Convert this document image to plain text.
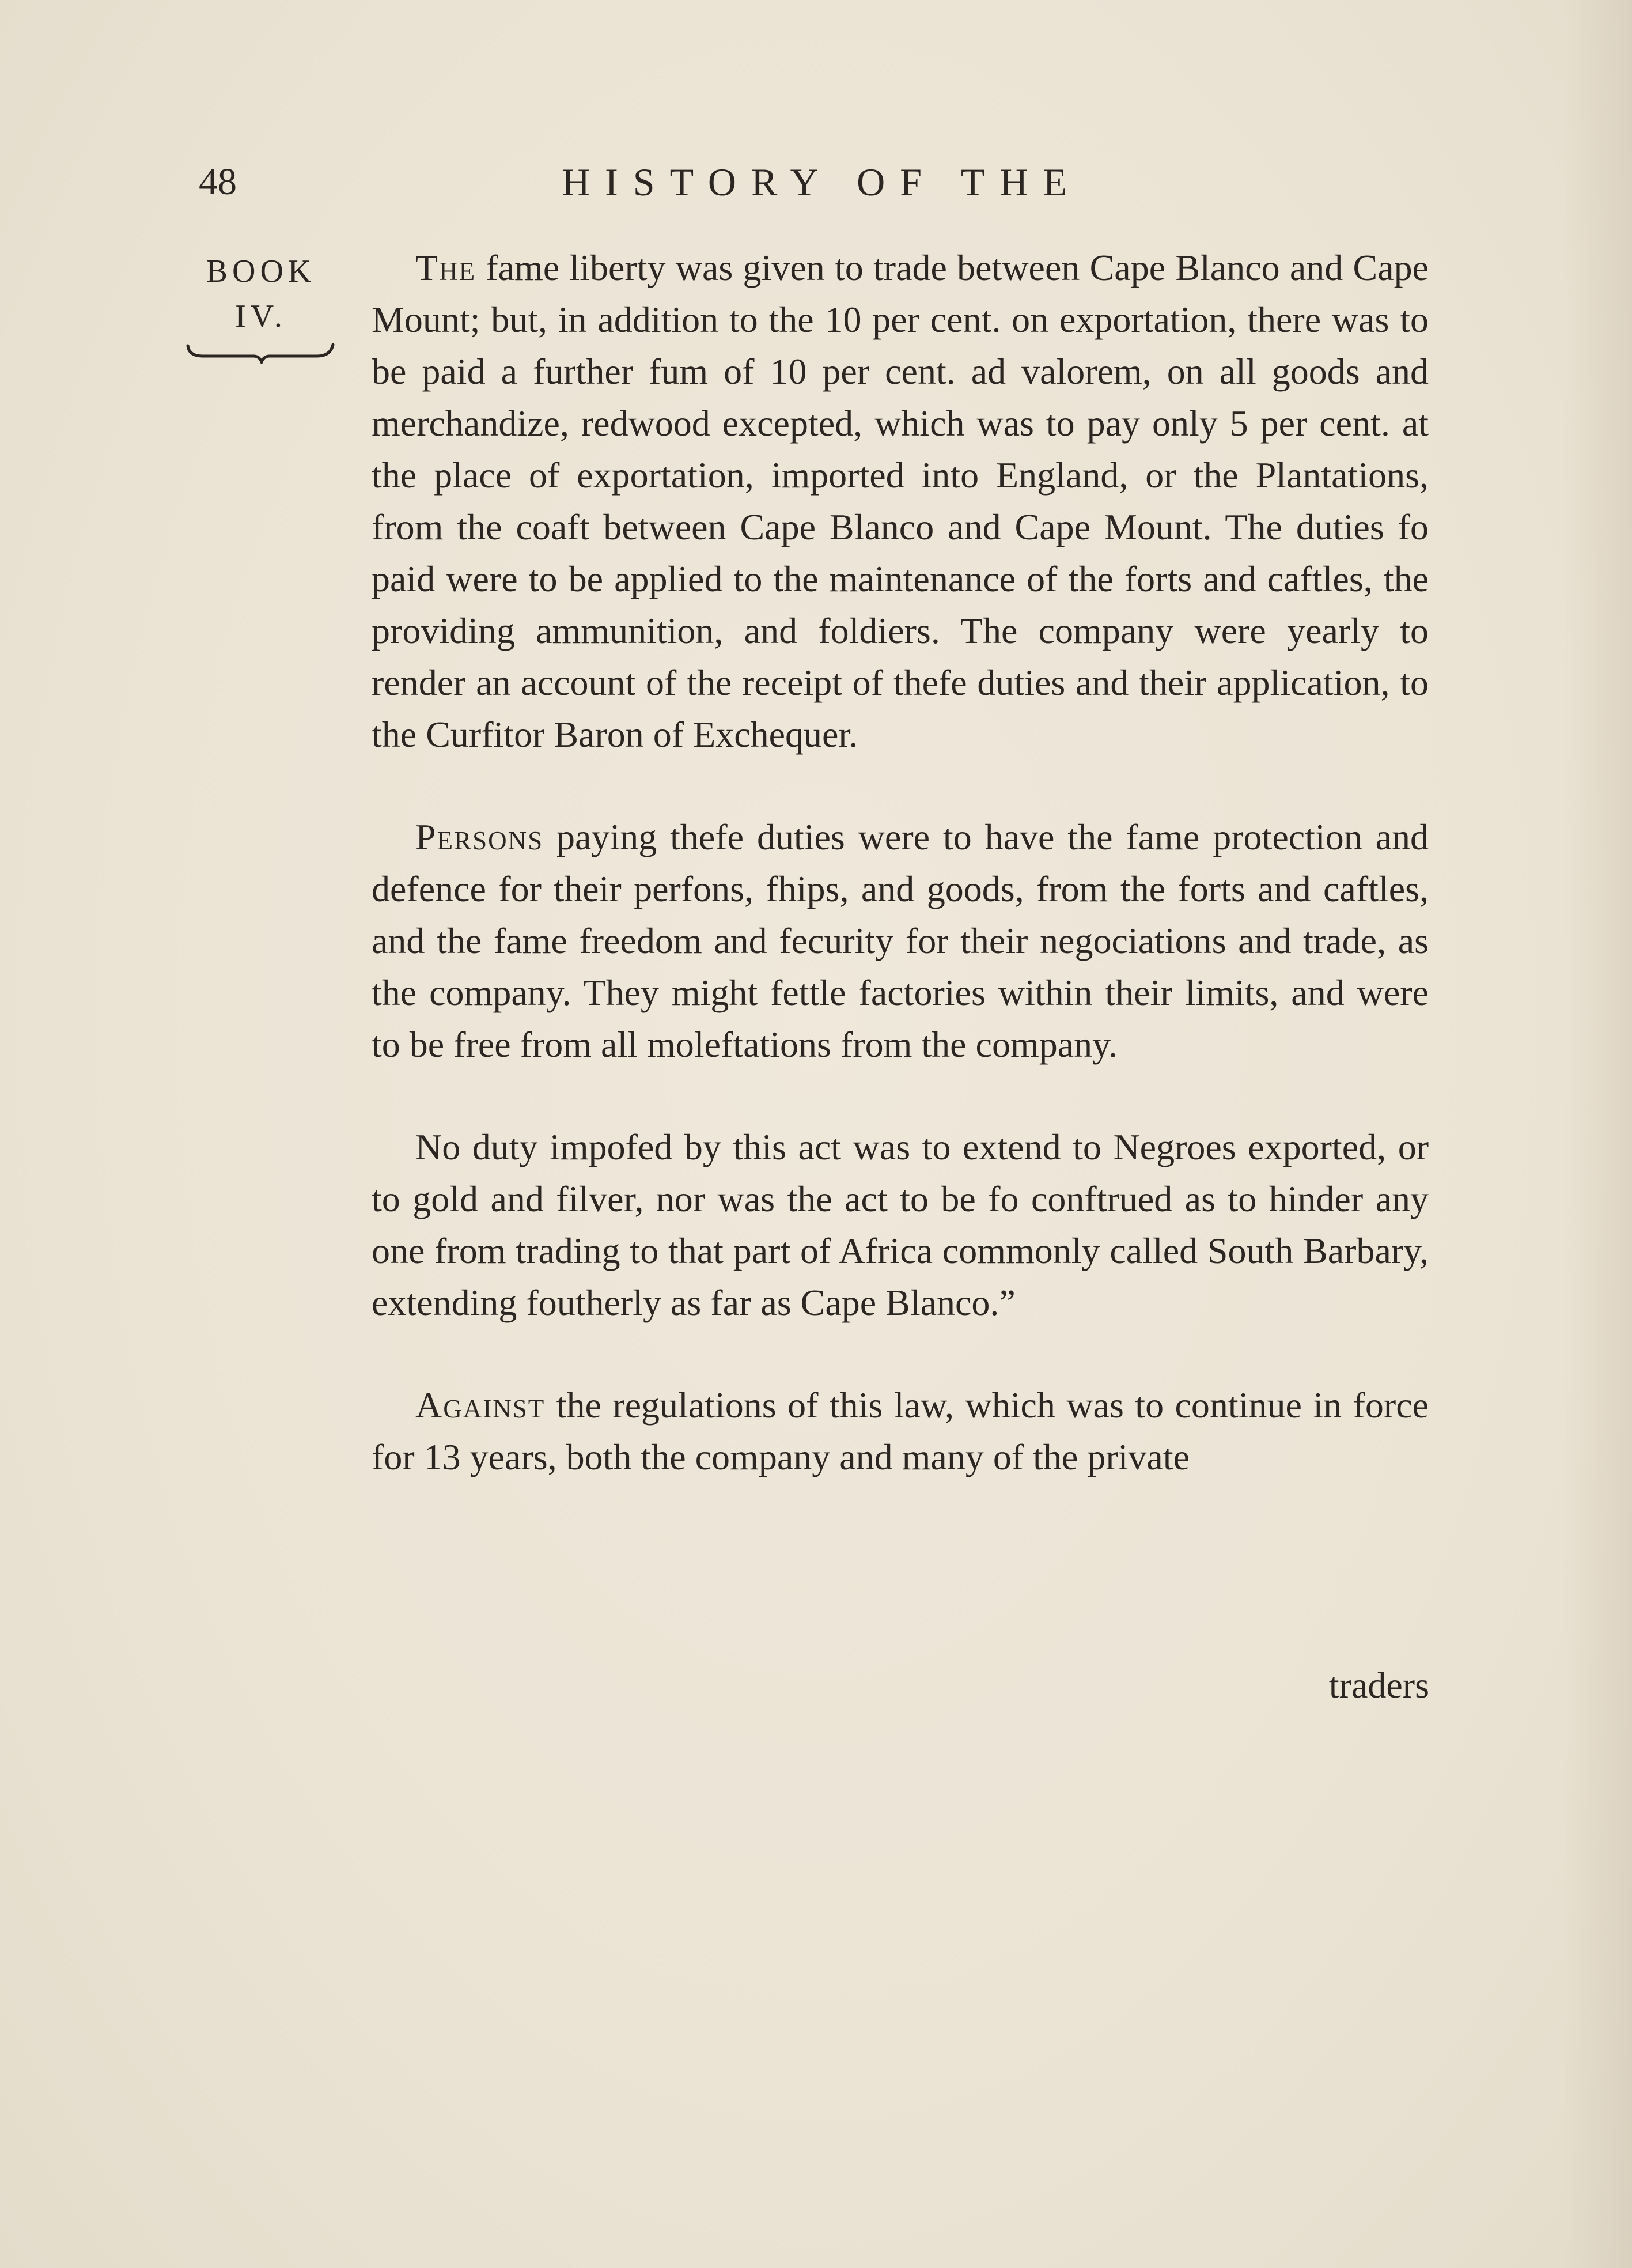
48	HISTORY OF THE
BOOK
IV.

The fame liberty was given to trade between Cape Blanco and Cape Mount; but, in addition to the 10 per cent. on exportation, there was to be paid a further fum of 10 per cent. ad valorem, on all goods and merchandize, redwood excepted, which was to pay only 5 per cent. at the place of exportation, imported into England, or the Plantations, from the coaft between Cape Blanco and Cape Mount. The duties fo paid were to be applied to the maintenance of the forts and caftles, the providing ammunition, and foldiers. The company were yearly to render an account of the receipt of thefe duties and their application, to the Curfitor Baron of Exchequer.

Persons paying thefe duties were to have the fame protection and defence for their perfons, fhips, and goods, from the forts and caftles, and the fame freedom and fecurity for their negociations and trade, as the company. They might fettle factories within their limits, and were to be free from all moleftations from the company.

No duty impofed by this act was to extend to Negroes exported, or to gold and filver, nor was the act to be fo conftrued as to hinder any one from trading to that part of Africa commonly called South Barbary, extending foutherly as far as Cape Blanco.”

Against the regulations of this law, which was to continue in force for 13 years, both the company and many of the private

traders
